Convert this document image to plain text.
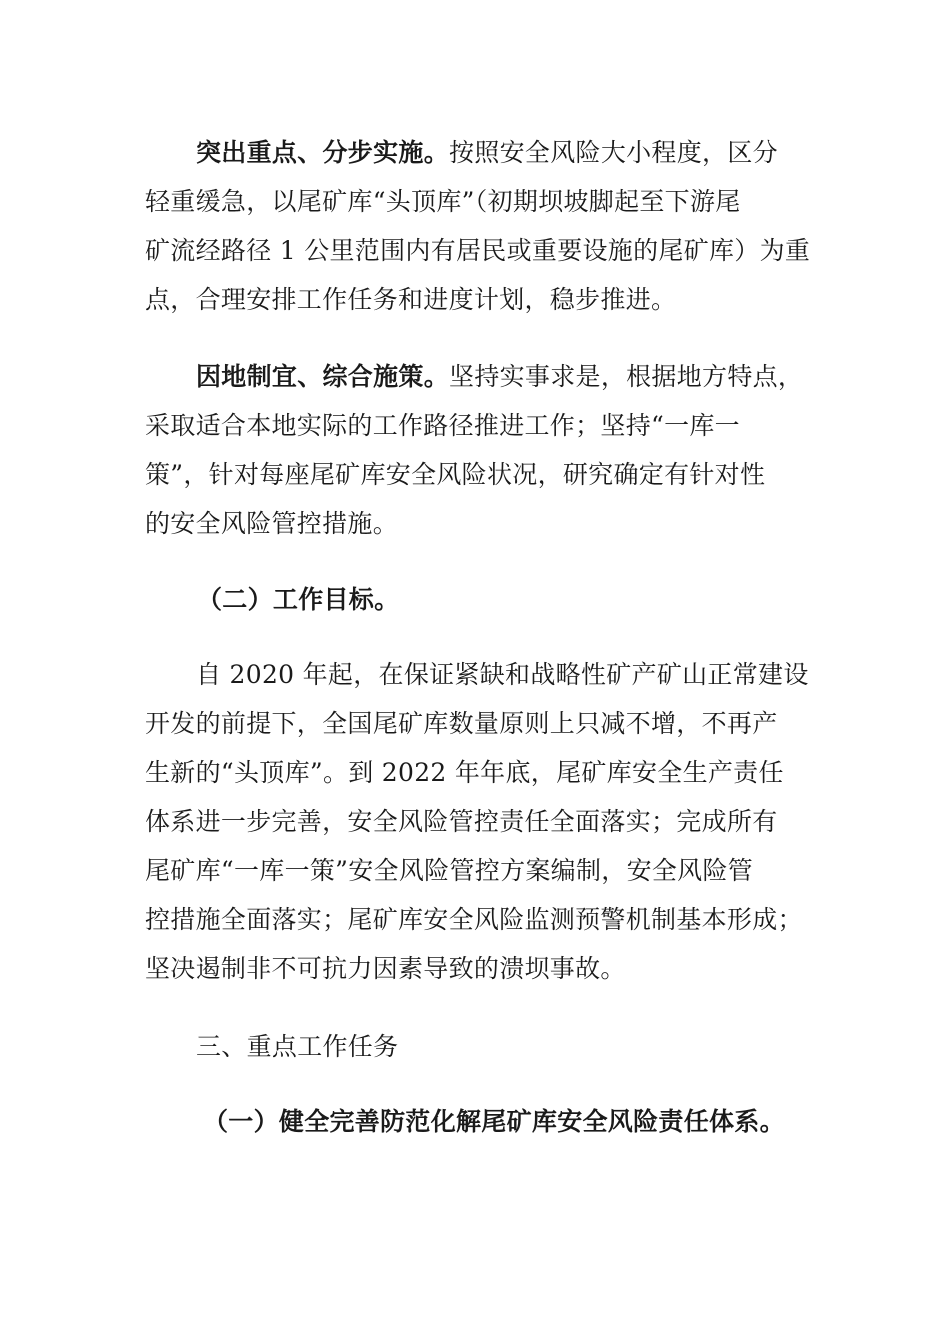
突出重点、分步实施。按照安全风险大小程度，区分
轻重缓急，以尾矿库“头顶库”（初期坝坡脚起至下游尾
矿流经路径 1 公里范围内有居民或重要设施的尾矿库）为重
点，合理安排工作任务和进度计划，稳步推进。
因地制宜、综合施策。坚持实事求是，根据地方特点，
采取适合本地实际的工作路径推进工作；坚持“一库一
策”，针对每座尾矿库安全风险状况，研究确定有针对性
的安全风险管控措施。
（二）工作目标。
自 2020 年起，在保证紧缺和战略性矿产矿山正常建设
开发的前提下，全国尾矿库数量原则上只减不增，不再产
生新的“头顶库”。到 2022 年年底，尾矿库安全生产责任
体系进一步完善，安全风险管控责任全面落实；完成所有
尾矿库“一库一策”安全风险管控方案编制，安全风险管
控措施全面落实；尾矿库安全风险监测预警机制基本形成；
坚决遏制非不可抗力因素导致的溃坝事故。
三、重点工作任务
（一）健全完善防范化解尾矿库安全风险责任体系。
